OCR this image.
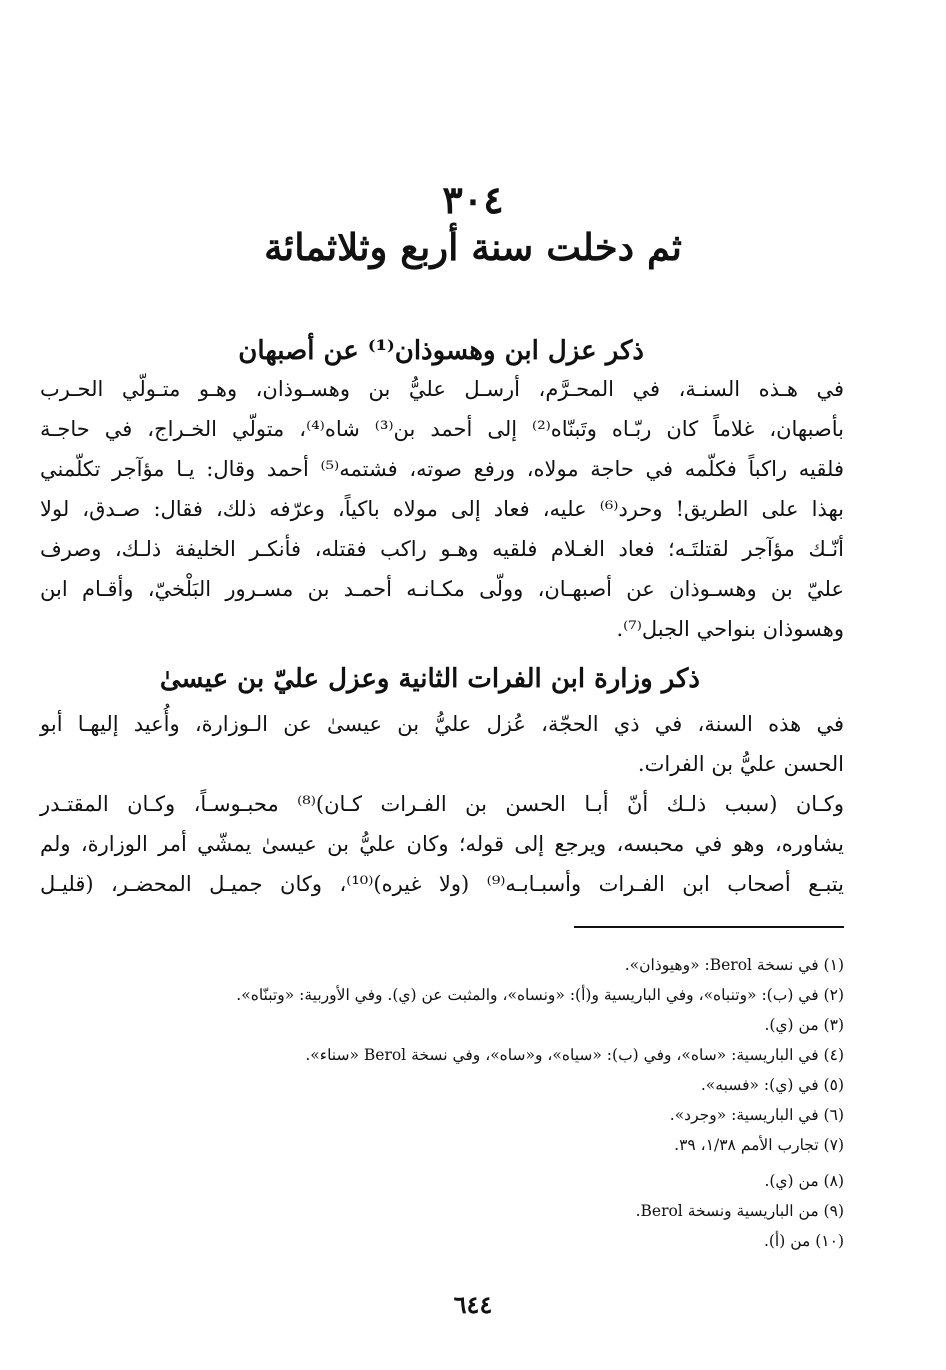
٣٠٤
ثم دخلت سنة أربع وثلاثمائة
ذكر عزل ابن وهسوذان⁽¹⁾ عن أصبهان
في هـذه السنـة، في المحـرَّم، أرسـل عليُّ بن وهسـوذان، وهـو متـولّي الحـرب
بأصبهان، غلاماً كان ربّـاه وتَبنّاه⁽²⁾ إلى أحمد بن⁽³⁾ شاه⁽⁴⁾، متولّي الخـراج، في حاجـة
فلقيه راكباً فكلّمه في حاجة مولاه، ورفع صوته، فشتمه⁽⁵⁾ أحمد وقال: يـا مؤآجر تكلّمني
بهذا على الطريق! وحرد⁽⁶⁾ عليه، فعاد إلى مولاه باكياً، وعرّفه ذلك، فقال: صـدق، لولا
أنّـك مؤآجر لقتلتَـه؛ فعاد الغـلام فلقيه وهـو راكب فقتله، فأنكـر الخليفة ذلـك، وصرف
عليّ بن وهسـوذان عن أصبهـان، وولّى مكـانـه أحمـد بن مسـرور البَلْخيّ، وأقـام ابن
وهسوذان بنواحي الجبل⁽⁷⁾.
ذكر وزارة ابن الفرات الثانية وعزل عليّ بن عيسىٰ
في هذه السنة، في ذي الحجّة، عُزل عليُّ بن عيسىٰ عن الـوزارة، وأُعيد إليهـا أبو
الحسن عليُّ بن الفرات.
وكـان (سبب ذلـك أنّ أبـا الحسن بن الفـرات كـان)⁽⁸⁾ محبـوسـاً، وكـان المقتـدر
يشاوره، وهو في محبسه، ويرجع إلى قوله؛ وكان عليُّ بن عيسىٰ يمشّي أمر الوزارة، ولم
يتبـع أصحاب ابن الفـرات وأسبـابـه⁽⁹⁾ (ولا غيره)⁽¹⁰⁾، وكان جميـل المحضـر، (قليـل
(١) في نسخة Berol: «وهيوذان».
(٢) في (ب): «وتنباه»، وفي الباريسية و(أ): «ونساه»، والمثبت عن (ي). وفي الأوربية: «وتبنّاه».
(٣) من (ي).
(٤) في الباريسية: «ساه»، وفي (ب): «سياه»، و«ساه»، وفي نسخة Berol «سناء».
(٥) في (ي): «فسبه».
(٦) في الباريسية: «وجرد».
(٧) تجارب الأمم ١/٣٨، ٣٩.
(٨) من (ي).
(٩) من الباريسية ونسخة Berol.
(١٠) من (أ).
٦٤٤
